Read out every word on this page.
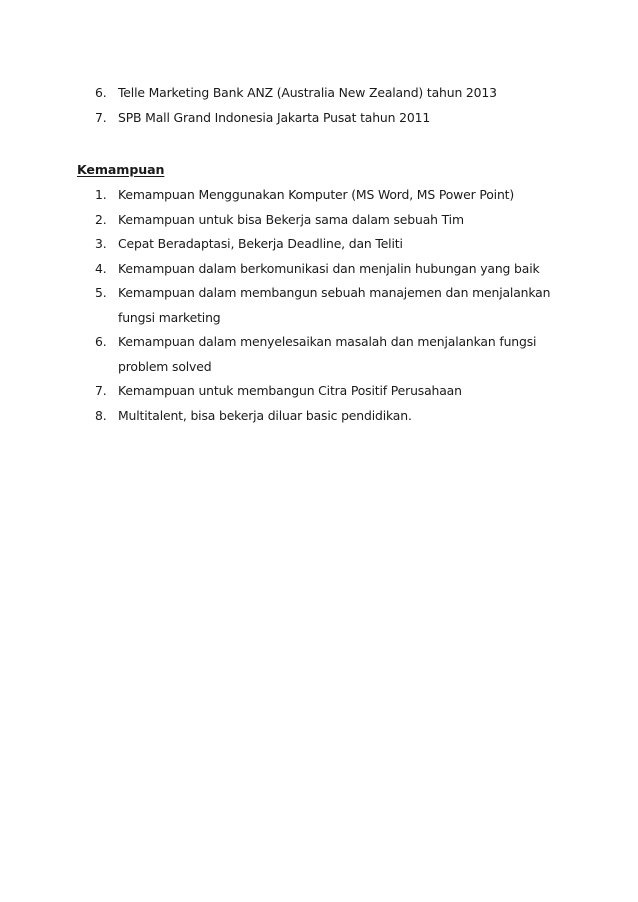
6. Telle Marketing Bank ANZ (Australia New Zealand) tahun 2013
7. SPB Mall Grand Indonesia Jakarta Pusat tahun 2011
Kemampuan
1. Kemampuan Menggunakan Komputer (MS Word, MS Power Point)
2. Kemampuan untuk bisa Bekerja sama dalam sebuah Tim
3. Cepat Beradaptasi, Bekerja Deadline, dan Teliti
4. Kemampuan dalam berkomunikasi dan menjalin hubungan yang baik
5. Kemampuan dalam membangun sebuah manajemen dan menjalankan fungsi marketing
6. Kemampuan dalam menyelesaikan masalah dan menjalankan fungsi problem solved
7. Kemampuan untuk membangun Citra Positif Perusahaan
8. Multitalent, bisa bekerja diluar basic pendidikan.
